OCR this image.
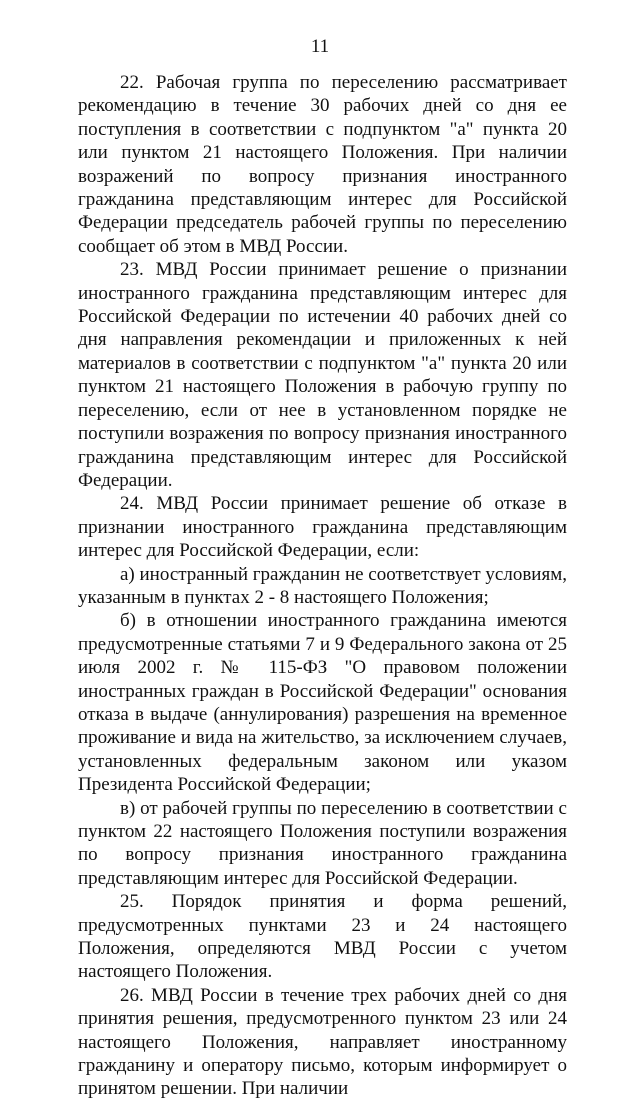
11

22. Рабочая группа по переселению рассматривает рекомендацию в течение 30 рабочих дней со дня ее поступления в соответствии с подпунктом "а" пункта 20 или пунктом 21 настоящего Положения. При наличии возражений по вопросу признания иностранного гражданина представляющим интерес для Российской Федерации председатель рабочей группы по переселению сообщает об этом в МВД России.

23. МВД России принимает решение о признании иностранного гражданина представляющим интерес для Российской Федерации по истечении 40 рабочих дней со дня направления рекомендации и приложенных к ней материалов в соответствии с подпунктом "а" пункта 20 или пунктом 21 настоящего Положения в рабочую группу по переселению, если от нее в установленном порядке не поступили возражения по вопросу признания иностранного гражданина представляющим интерес для Российской Федерации.

24. МВД России принимает решение об отказе в признании иностранного гражданина представляющим интерес для Российской Федерации, если:

а) иностранный гражданин не соответствует условиям, указанным в пунктах 2 - 8 настоящего Положения;

б) в отношении иностранного гражданина имеются предусмотренные статьями 7 и 9 Федерального закона от 25 июля 2002 г. № 115-ФЗ "О правовом положении иностранных граждан в Российской Федерации" основания отказа в выдаче (аннулирования) разрешения на временное проживание и вида на жительство, за исключением случаев, установленных федеральным законом или указом Президента Российской Федерации;

в) от рабочей группы по переселению в соответствии с пунктом 22 настоящего Положения поступили возражения по вопросу признания иностранного гражданина представляющим интерес для Российской Федерации.

25. Порядок принятия и форма решений, предусмотренных пунктами 23 и 24 настоящего Положения, определяются МВД России с учетом настоящего Положения.

26. МВД России в течение трех рабочих дней со дня принятия решения, предусмотренного пунктом 23 или 24 настоящего Положения, направляет иностранному гражданину и оператору письмо, которым информирует о принятом решении. При наличии
